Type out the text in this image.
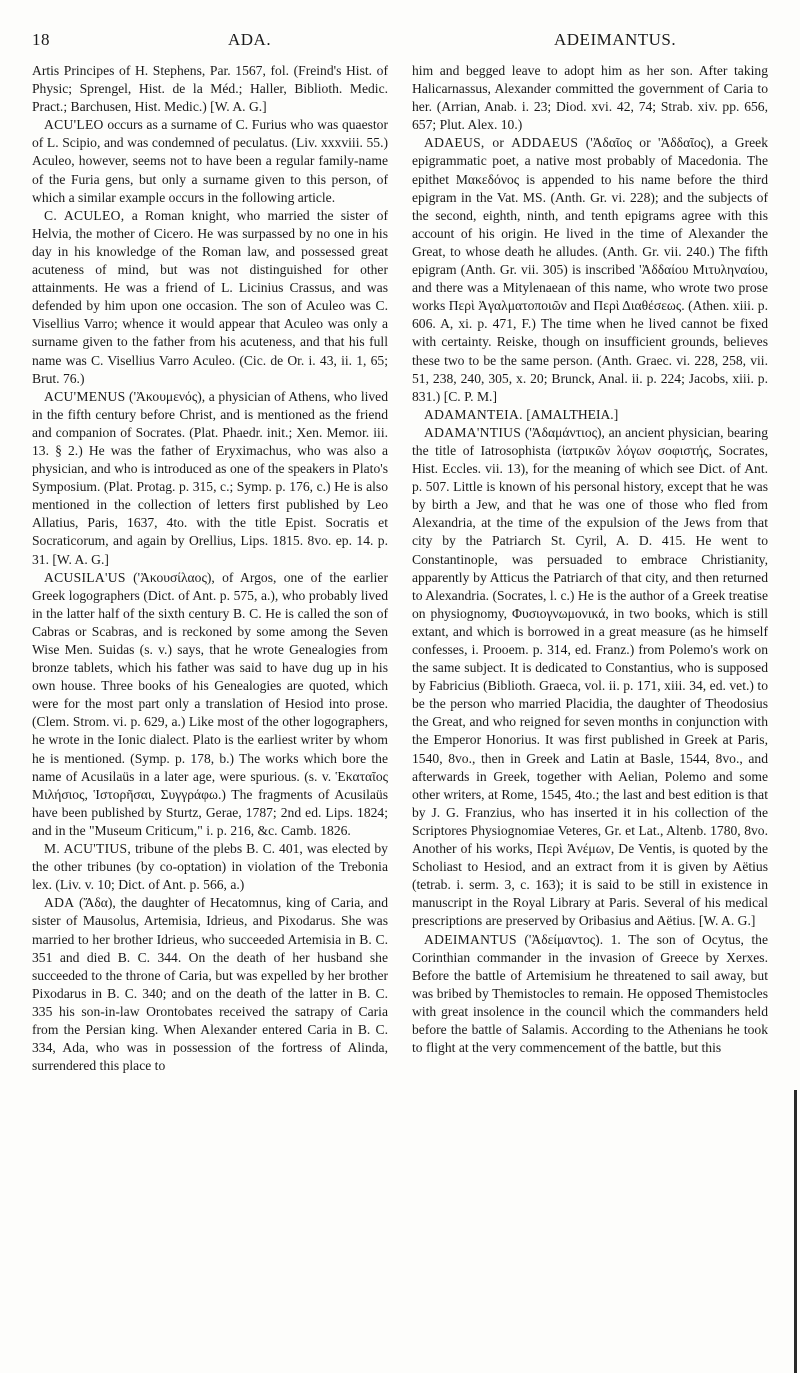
18	ADA.	ADEIMANTUS.

Artis Principes of H. Stephens, Par. 1567, fol. (Freind's Hist. of Physic; Sprengel, Hist. de la Méd.; Haller, Biblioth. Medic. Pract.; Barchusen, Hist. Medic.) [W. A. G.]

ACU'LEO occurs as a surname of C. Furius who was quaestor of L. Scipio, and was condemned of peculatus. (Liv. xxxviii. 55.) Aculeo, however, seems not to have been a regular family-name of the Furia gens, but only a surname given to this person, of which a similar example occurs in the following article.

C. ACULEO, a Roman knight, who married the sister of Helvia, the mother of Cicero. He was surpassed by no one in his day in his knowledge of the Roman law, and possessed great acuteness of mind, but was not distinguished for other attainments. He was a friend of L. Licinius Crassus, and was defended by him upon one occasion. The son of Aculeo was C. Visellius Varro; whence it would appear that Aculeo was only a surname given to the father from his acuteness, and that his full name was C. Visellius Varro Aculeo. (Cic. de Or. i. 43, ii. 1, 65; Brut. 76.)

ACU'MENUS ('Ἀκουμενός), a physician of Athens, who lived in the fifth century before Christ, and is mentioned as the friend and companion of Socrates. (Plat. Phaedr. init.; Xen. Memor. iii. 13. § 2.) He was the father of Eryximachus, who was also a physician, and who is introduced as one of the speakers in Plato's Symposium. (Plat. Protag. p. 315, c.; Symp. p. 176, c.) He is also mentioned in the collection of letters first published by Leo Allatius, Paris, 1637, 4to. with the title Epist. Socratis et Socraticorum, and again by Orellius, Lips. 1815. 8vo. ep. 14. p. 31. [W. A. G.]

ACUSILA'US ('Ἀκουσίλαος), of Argos, one of the earlier Greek logographers (Dict. of Ant. p. 575, a.), who probably lived in the latter half of the sixth century B. C. He is called the son of Cabras or Scabras, and is reckoned by some among the Seven Wise Men. Suidas (s. v.) says, that he wrote Genealogies from bronze tablets, which his father was said to have dug up in his own house. Three books of his Genealogies are quoted, which were for the most part only a translation of Hesiod into prose. (Clem. Strom. vi. p. 629, a.) Like most of the other logographers, he wrote in the Ionic dialect. Plato is the earliest writer by whom he is mentioned. (Symp. p. 178, b.) The works which bore the name of Acusilaüs in a later age, were spurious. (s. v. Ἑκαταῖος Μιλήσιος, Ἱστορῆσαι, Συγγράφω.) The fragments of Acusilaüs have been published by Sturtz, Gerae, 1787; 2nd ed. Lips. 1824; and in the "Museum Criticum," i. p. 216, &c. Camb. 1826.

M. ACU'TIUS, tribune of the plebs B. C. 401, was elected by the other tribunes (by co-optation) in violation of the Trebonia lex. (Liv. v. 10; Dict. of Ant. p. 566, a.)

ADA (Ἄδα), the daughter of Hecatomnus, king of Caria, and sister of Mausolus, Artemisia, Idrieus, and Pixodarus. She was married to her brother Idrieus, who succeeded Artemisia in B. C. 351 and died B. C. 344. On the death of her husband she succeeded to the throne of Caria, but was expelled by her brother Pixodarus in B. C. 340; and on the death of the latter in B. C. 335 his son-in-law Orontobates received the satrapy of Caria from the Persian king. When Alexander entered Caria in B. C. 334, Ada, who was in possession of the fortress of Alinda, surrendered this place to

him and begged leave to adopt him as her son. After taking Halicarnassus, Alexander committed the government of Caria to her. (Arrian, Anab. i. 23; Diod. xvi. 42, 74; Strab. xiv. pp. 656, 657; Plut. Alex. 10.)

ADAEUS, or ADDAEUS ('Ἀδαῖος or 'Ἀδδαῖος), a Greek epigrammatic poet, a native most probably of Macedonia. The epithet Μακεδόνος is appended to his name before the third epigram in the Vat. MS. (Anth. Gr. vi. 228); and the subjects of the second, eighth, ninth, and tenth epigrams agree with this account of his origin. He lived in the time of Alexander the Great, to whose death he alludes. (Anth. Gr. vii. 240.) The fifth epigram (Anth. Gr. vii. 305) is inscribed 'Ἀδδαίου Μιτυληναίου, and there was a Mitylenaean of this name, who wrote two prose works Περὶ Ἀγαλματοποιῶν and Περὶ Διαθέσεως. (Athen. xiii. p. 606. A, xi. p. 471, F.) The time when he lived cannot be fixed with certainty. Reiske, though on insufficient grounds, believes these two to be the same person. (Anth. Graec. vi. 228, 258, vii. 51, 238, 240, 305, x. 20; Brunck, Anal. ii. p. 224; Jacobs, xiii. p. 831.) [C. P. M.]

ADAMANTEIA. [AMALTHEIA.]

ADAMA'NTIUS ('Ἀδαμάντιος), an ancient physician, bearing the title of Iatrosophista (ἰατρικῶν λόγων σοφιστής, Socrates, Hist. Eccles. vii. 13), for the meaning of which see Dict. of Ant. p. 507. Little is known of his personal history, except that he was by birth a Jew, and that he was one of those who fled from Alexandria, at the time of the expulsion of the Jews from that city by the Patriarch St. Cyril, A. D. 415. He went to Constantinople, was persuaded to embrace Christianity, apparently by Atticus the Patriarch of that city, and then returned to Alexandria. (Socrates, l. c.) He is the author of a Greek treatise on physiognomy, Φυσιογνωμονικά, in two books, which is still extant, and which is borrowed in a great measure (as he himself confesses, i. Prooem. p. 314, ed. Franz.) from Polemo's work on the same subject. It is dedicated to Constantius, who is supposed by Fabricius (Biblioth. Graeca, vol. ii. p. 171, xiii. 34, ed. vet.) to be the person who married Placidia, the daughter of Theodosius the Great, and who reigned for seven months in conjunction with the Emperor Honorius. It was first published in Greek at Paris, 1540, 8vo., then in Greek and Latin at Basle, 1544, 8vo., and afterwards in Greek, together with Aelian, Polemo and some other writers, at Rome, 1545, 4to.; the last and best edition is that by J. G. Franzius, who has inserted it in his collection of the Scriptores Physiognomiae Veteres, Gr. et Lat., Altenb. 1780, 8vo. Another of his works, Περὶ Ἀνέμων, De Ventis, is quoted by the Scholiast to Hesiod, and an extract from it is given by Aëtius (tetrab. i. serm. 3, c. 163); it is said to be still in existence in manuscript in the Royal Library at Paris. Several of his medical prescriptions are preserved by Oribasius and Aëtius. [W. A. G.]

ADEIMANTUS ('Ἀδείμαντος). 1. The son of Ocytus, the Corinthian commander in the invasion of Greece by Xerxes. Before the battle of Artemisium he threatened to sail away, but was bribed by Themistocles to remain. He opposed Themistocles with great insolence in the council which the commanders held before the battle of Salamis. According to the Athenians he took to flight at the very commencement of the battle, but this
